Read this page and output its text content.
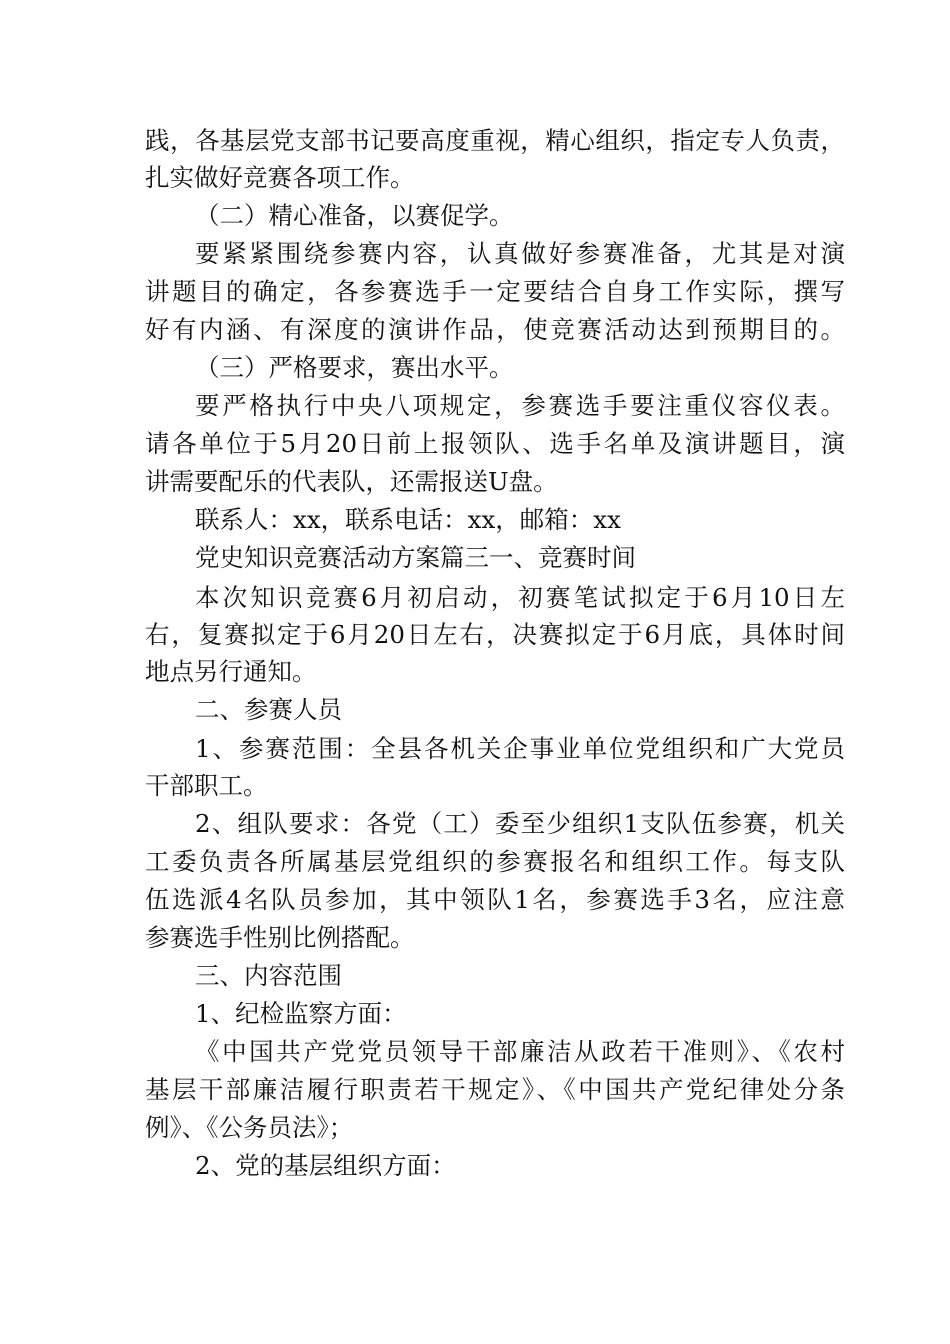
践，各基层党支部书记要高度重视，精心组织，指定专人负责，
扎实做好竞赛各项工作。
（二）精心准备，以赛促学。
要紧紧围绕参赛内容，认真做好参赛准备，尤其是对演
讲题目的确定，各参赛选手一定要结合自身工作实际，撰写
好有内涵、有深度的演讲作品，使竞赛活动达到预期目的。
（三）严格要求，赛出水平。
要严格执行中央八项规定，参赛选手要注重仪容仪表。
请各单位于5月20日前上报领队、选手名单及演讲题目，演
讲需要配乐的代表队，还需报送U盘。
联系人：xx，联系电话：xx，邮箱：xx
党史知识竞赛活动方案篇三一、竞赛时间
本次知识竞赛6月初启动，初赛笔试拟定于6月10日左
右，复赛拟定于6月20日左右，决赛拟定于6月底，具体时间
地点另行通知。
二、参赛人员
1、参赛范围：全县各机关企事业单位党组织和广大党员
干部职工。
2、组队要求：各党（工）委至少组织1支队伍参赛，机关
工委负责各所属基层党组织的参赛报名和组织工作。每支队
伍选派4名队员参加，其中领队1名，参赛选手3名，应注意
参赛选手性别比例搭配。
三、内容范围
1、纪检监察方面：
《中国共产党党员领导干部廉洁从政若干准则》、《农村
基层干部廉洁履行职责若干规定》、《中国共产党纪律处分条
例》、《公务员法》；
2、党的基层组织方面：
